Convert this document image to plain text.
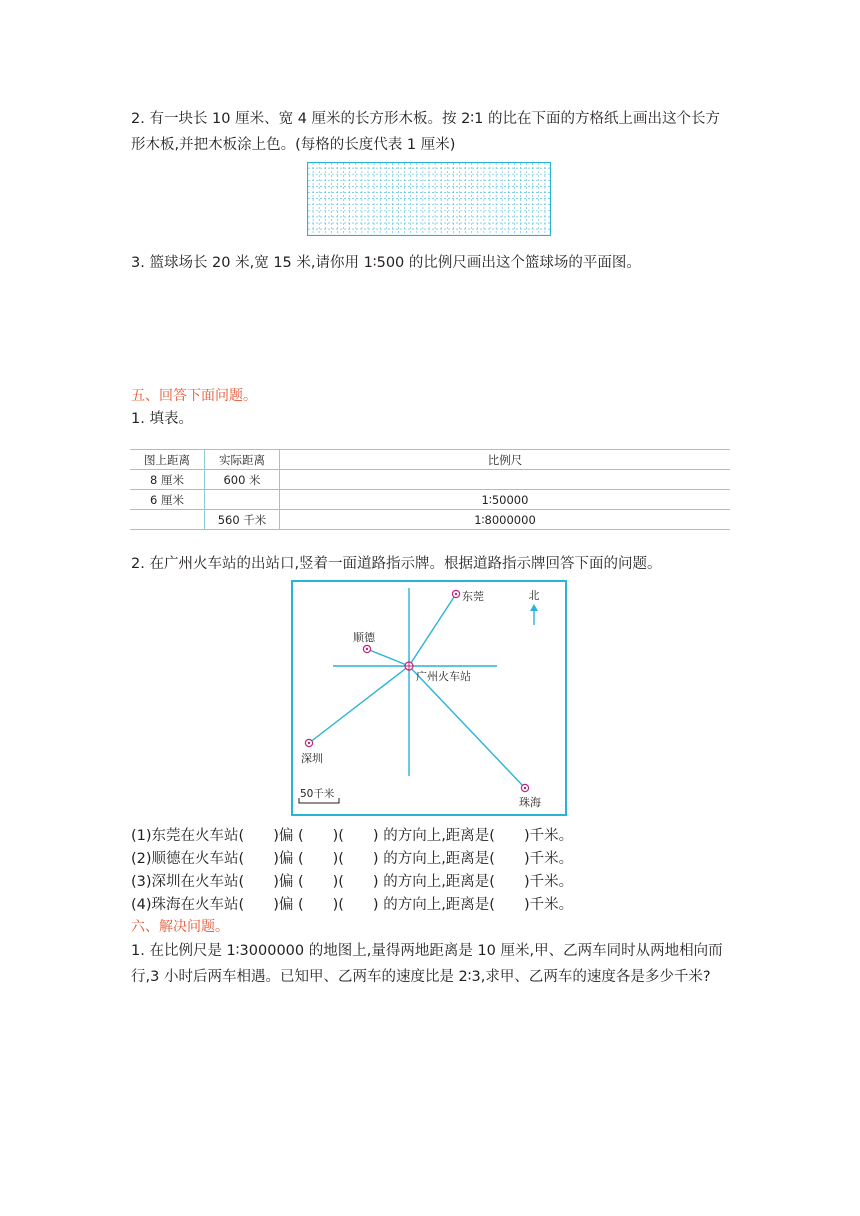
2. 有一块长 10 厘米、宽 4 厘米的长方形木板。按 2∶1 的比在下面的方格纸上画出这个长方
形木板,并把木板涂上色。(每格的长度代表 1 厘米)
3. 篮球场长 20 米,宽 15 米,请你用 1∶500 的比例尺画出这个篮球场的平面图。
五、回答下面问题。
1. 填表。
图上距离	实际距离	比例尺
8 厘米	600 米	
6 厘米		1∶50000
	560 千米	1∶8000000
2. 在广州火车站的出站口,竖着一面道路指示牌。根据道路指示牌回答下面的问题。
北
东莞
顺德
广州火车站
深圳
珠海
50千米
(1)东莞在火车站(　　)偏 (　　)(　　) 的方向上,距离是(　　)千米。
(2)顺德在火车站(　　)偏 (　　)(　　) 的方向上,距离是(　　)千米。
(3)深圳在火车站(　　)偏 (　　)(　　) 的方向上,距离是(　　)千米。
(4)珠海在火车站(　　)偏 (　　)(　　) 的方向上,距离是(　　)千米。
六、解决问题。
1. 在比例尺是 1∶3000000 的地图上,量得两地距离是 10 厘米,甲、乙两车同时从两地相向而
行,3 小时后两车相遇。已知甲、乙两车的速度比是 2∶3,求甲、乙两车的速度各是多少千米?
